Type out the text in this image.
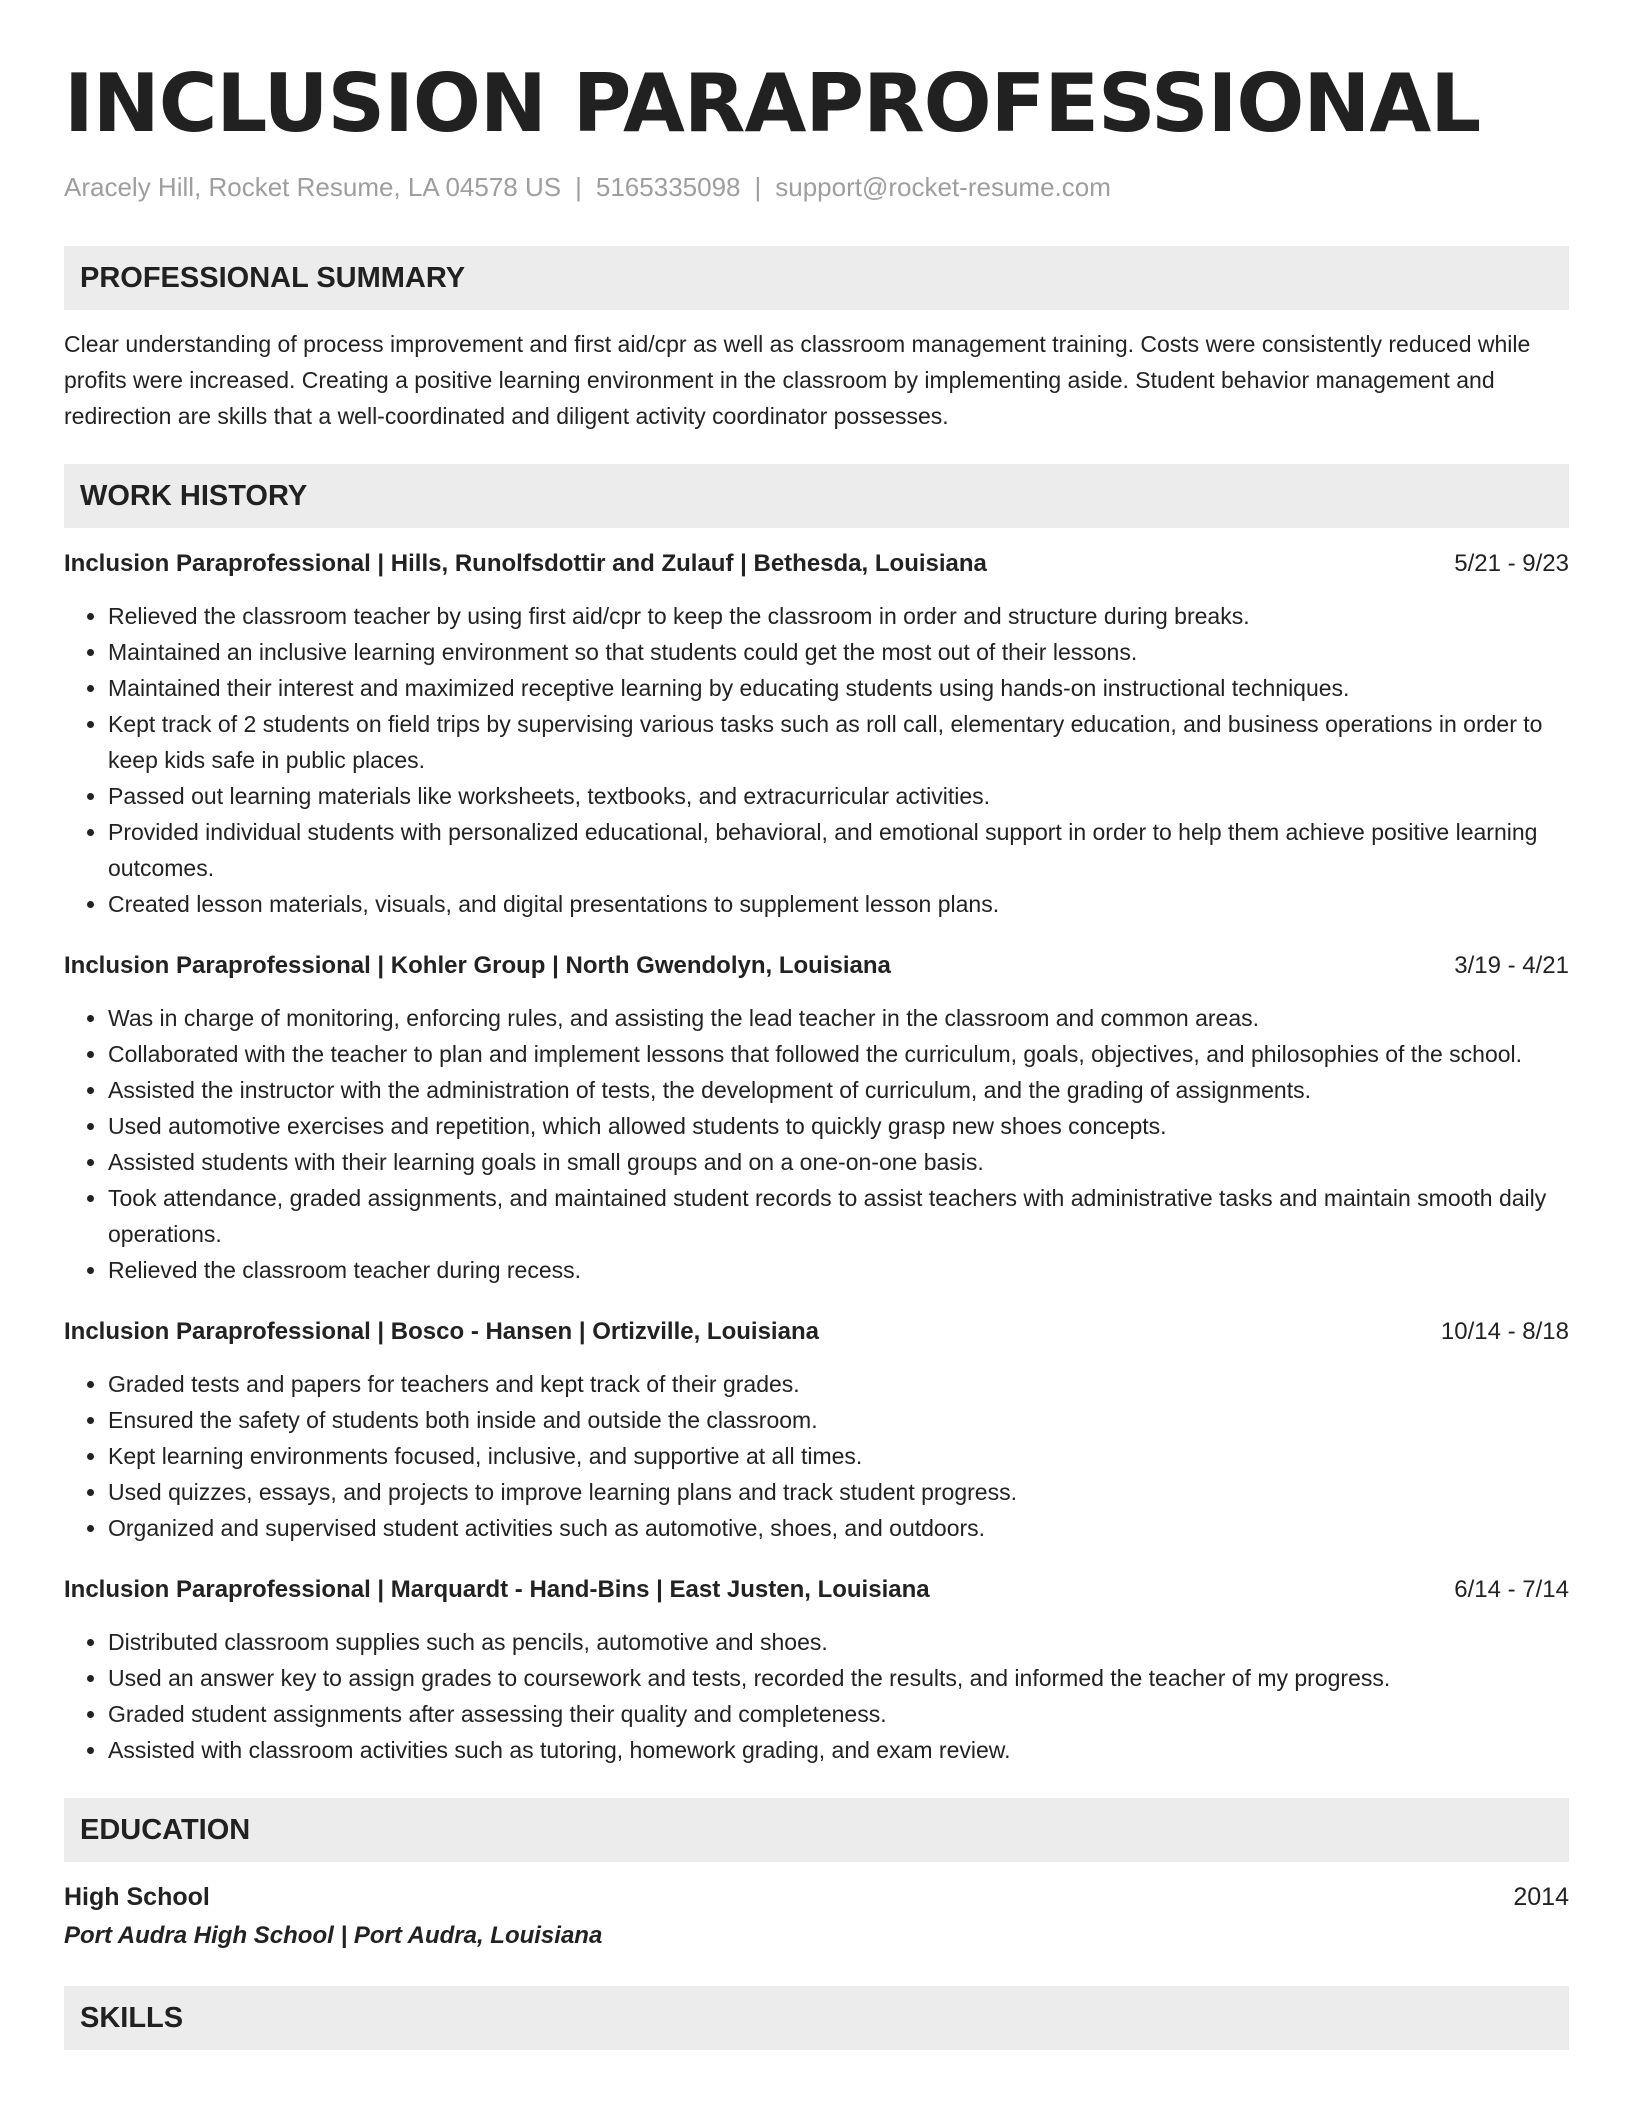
INCLUSION PARAPROFESSIONAL
Aracely Hill, Rocket Resume, LA 04578 US | 5165335098 | support@rocket-resume.com
PROFESSIONAL SUMMARY

Clear understanding of process improvement and first aid/cpr as well as classroom management training. Costs were consistently reduced while profits were increased. Creating a positive learning environment in the classroom by implementing aside. Student behavior management and redirection are skills that a well-coordinated and diligent activity coordinator possesses.

WORK HISTORY
Inclusion Paraprofessional | Hills, Runolfsdottir and Zulauf | Bethesda, Louisiana	5/21 - 9/23
• Relieved the classroom teacher by using first aid/cpr to keep the classroom in order and structure during breaks.
• Maintained an inclusive learning environment so that students could get the most out of their lessons.
• Maintained their interest and maximized receptive learning by educating students using hands-on instructional techniques.
• Kept track of 2 students on field trips by supervising various tasks such as roll call, elementary education, and business operations in order to keep kids safe in public places.
• Passed out learning materials like worksheets, textbooks, and extracurricular activities.
• Provided individual students with personalized educational, behavioral, and emotional support in order to help them achieve positive learning outcomes.
• Created lesson materials, visuals, and digital presentations to supplement lesson plans.
Inclusion Paraprofessional | Kohler Group | North Gwendolyn, Louisiana	3/19 - 4/21
• Was in charge of monitoring, enforcing rules, and assisting the lead teacher in the classroom and common areas.
• Collaborated with the teacher to plan and implement lessons that followed the curriculum, goals, objectives, and philosophies of the school.
• Assisted the instructor with the administration of tests, the development of curriculum, and the grading of assignments.
• Used automotive exercises and repetition, which allowed students to quickly grasp new shoes concepts.
• Assisted students with their learning goals in small groups and on a one-on-one basis.
• Took attendance, graded assignments, and maintained student records to assist teachers with administrative tasks and maintain smooth daily operations.
• Relieved the classroom teacher during recess.
Inclusion Paraprofessional | Bosco - Hansen | Ortizville, Louisiana	10/14 - 8/18
• Graded tests and papers for teachers and kept track of their grades.
• Ensured the safety of students both inside and outside the classroom.
• Kept learning environments focused, inclusive, and supportive at all times.
• Used quizzes, essays, and projects to improve learning plans and track student progress.
• Organized and supervised student activities such as automotive, shoes, and outdoors.
Inclusion Paraprofessional | Marquardt - Hand-Bins | East Justen, Louisiana	6/14 - 7/14
• Distributed classroom supplies such as pencils, automotive and shoes.
• Used an answer key to assign grades to coursework and tests, recorded the results, and informed the teacher of my progress.
• Graded student assignments after assessing their quality and completeness.
• Assisted with classroom activities such as tutoring, homework grading, and exam review.
EDUCATION
High School	2014
Port Audra High School | Port Audra, Louisiana
SKILLS
